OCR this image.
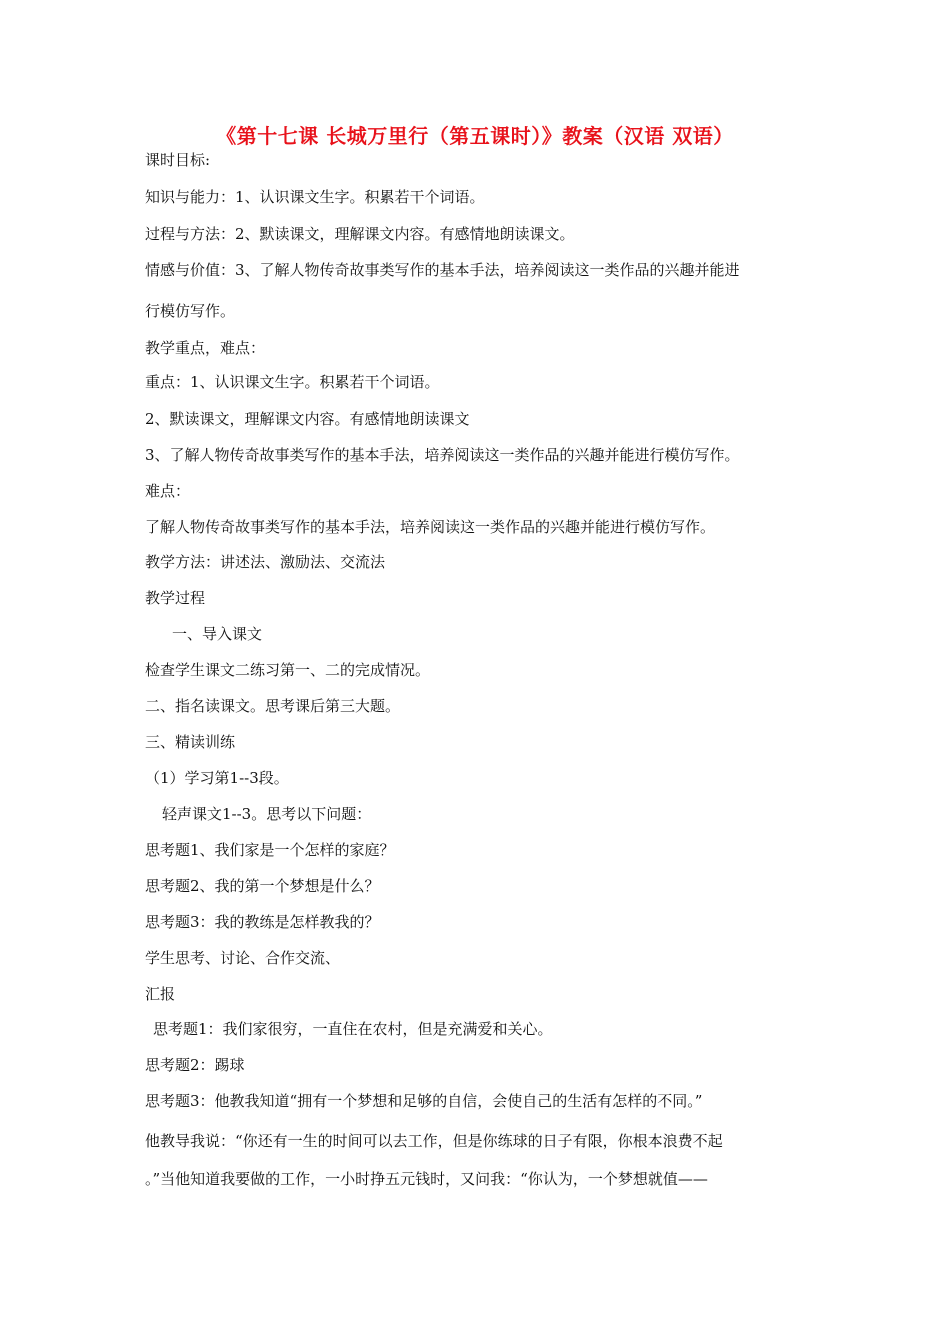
《第十七课 长城万里行（第五课时）》教案（汉语 双语）
课时目标:
知识与能力：1、认识课文生字。积累若干个词语。
过程与方法：2、默读课文，理解课文内容。有感情地朗读课文。
情感与价值：3、了解人物传奇故事类写作的基本手法，培养阅读这一类作品的兴趣并能进
行模仿写作。
教学重点，难点：
重点：1、认识课文生字。积累若干个词语。
2、默读课文，理解课文内容。有感情地朗读课文
3、了解人物传奇故事类写作的基本手法，培养阅读这一类作品的兴趣并能进行模仿写作。
难点：
了解人物传奇故事类写作的基本手法，培养阅读这一类作品的兴趣并能进行模仿写作。
教学方法：讲述法、激励法、交流法
教学过程
一、导入课文
检查学生课文二练习第一、二的完成情况。
二、指名读课文。思考课后第三大题。
三、精读训练
（1）学习第1--3段。
轻声课文1--3。思考以下问题：
思考题1、我们家是一个怎样的家庭？
思考题2、我的第一个梦想是什么？
思考题3：我的教练是怎样教我的？
学生思考、讨论、合作交流、
汇报
思考题1：我们家很穷，一直住在农村，但是充满爱和关心。
思考题2：踢球
思考题3：他教我知道“拥有一个梦想和足够的自信，会使自己的生活有怎样的不同。”
他教导我说：“你还有一生的时间可以去工作，但是你练球的日子有限，你根本浪费不起
。”当他知道我要做的工作，一小时挣五元钱时，又问我：“你认为，一个梦想就值——
